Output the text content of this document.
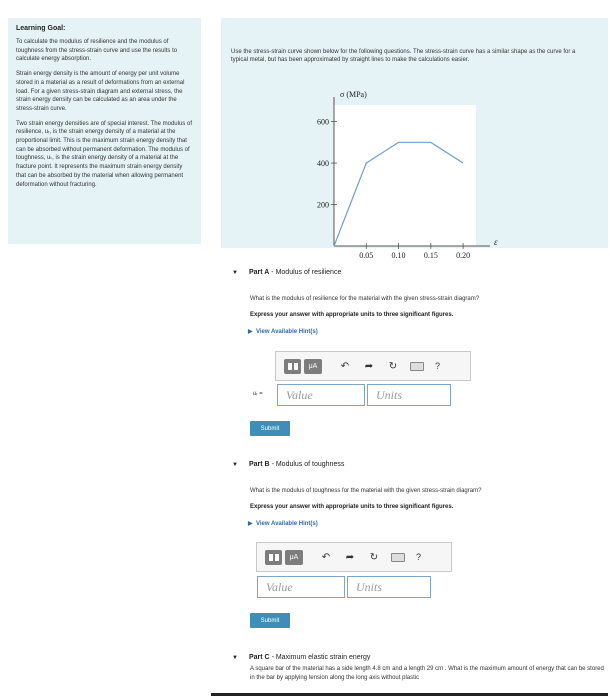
Learning Goal:

To calculate the modulus of resilience and the modulus of toughness from the stress-strain curve and use the results to calculate energy absorption.

Strain energy density is the amount of energy per unit volume stored in a material as a result of deformations from an external load. For a given stress-strain diagram and external stress, the strain energy density can be calculated as an area under the stress-strain curve.

Two strain energy densities are of special interest. The modulus of resilience, uᵣ, is the strain energy density of a material at the proportional limit. This is the maximum strain energy density that can be absorbed without permanent deformation. The modulus of toughness, uₜ, is the strain energy density of a material at the fracture point. It represents the maximum strain energy density that can be absorbed by the material when allowing permanent deformation without fracturing.

Use the stress-strain curve shown below for the following questions. The stress-strain curve has a similar shape as the curve for a typical metal, but has been approximated by straight lines to make the calculations easier.

200
400
600
0.05 0.10 0.15 0.20
σ (MPa)
ε
▼ Part A - Modulus of resilience
What is the modulus of resilience for the material with the given stress-strain diagram?
Express your answer with appropriate units to three significant figures.
▶  View Available Hint(s)
μA	↶ ➦ ↻	?
uᵣ =	Value	Units
Submit
▼ Part B - Modulus of toughness
What is the modulus of toughness for the material with the given stress-strain diagram?
Express your answer with appropriate units to three significant figures.
▶  View Available Hint(s)
μA	↶ ➦ ↻	?
Value	Units
Submit
▼ Part C - Maximum elastic strain energy
A square bar of the material has a side length 4.8 cm and a length 29 cm . What is the maximum amount of energy that can be stored in the bar by applying tension along the long axis without plastic
